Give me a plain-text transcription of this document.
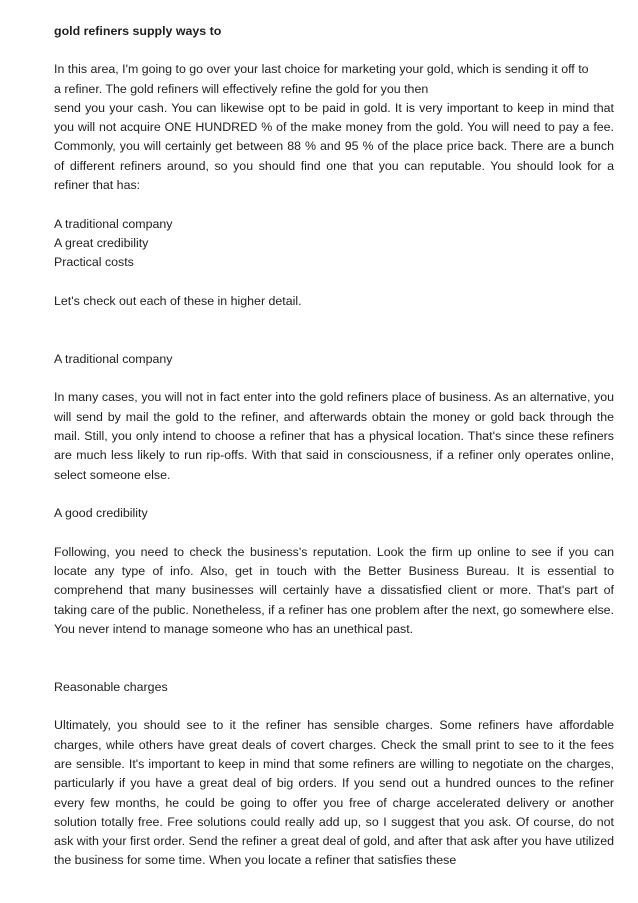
gold refiners supply ways to

In this area, I'm going to go over your last choice for marketing your gold, which is sending it off to
a refiner. The gold refiners will effectively refine the gold for you then
send you your cash. You can likewise opt to be paid in gold. It is very important to keep in mind that you will not acquire ONE HUNDRED % of the make money from the gold. You will need to pay a fee. Commonly, you will certainly get between 88 % and 95 % of the place price back. There are a bunch of different refiners around, so you should find one that you can reputable. You should look for a refiner that has:

A traditional company

A great credibility

Practical costs

Let's check out each of these in higher detail.

A traditional company

In many cases, you will not in fact enter into the gold refiners place of business. As an alternative, you will send by mail the gold to the refiner, and afterwards obtain the money or gold back through the mail. Still, you only intend to choose a refiner that has a physical location. That's since these refiners are much less likely to run rip-offs. With that said in consciousness, if a refiner only operates online, select someone else.

A good credibility

Following, you need to check the business's reputation. Look the firm up online to see if you can locate any type of info. Also, get in touch with the Better Business Bureau. It is essential to comprehend that many businesses will certainly have a dissatisfied client or more. That's part of taking care of the public. Nonetheless, if a refiner has one problem after the next, go somewhere else. You never intend to manage someone who has an unethical past.

Reasonable charges

Ultimately, you should see to it the refiner has sensible charges. Some refiners have affordable charges, while others have great deals of covert charges. Check the small print to see to it the fees are sensible. It's important to keep in mind that some refiners are willing to negotiate on the charges, particularly if you have a great deal of big orders. If you send out a hundred ounces to the refiner every few months, he could be going to offer you free of charge accelerated delivery or another solution totally free. Free solutions could really add up, so I suggest that you ask. Of course, do not ask with your first order. Send the refiner a great deal of gold, and after that ask after you have utilized the business for some time. When you locate a refiner that satisfies these
